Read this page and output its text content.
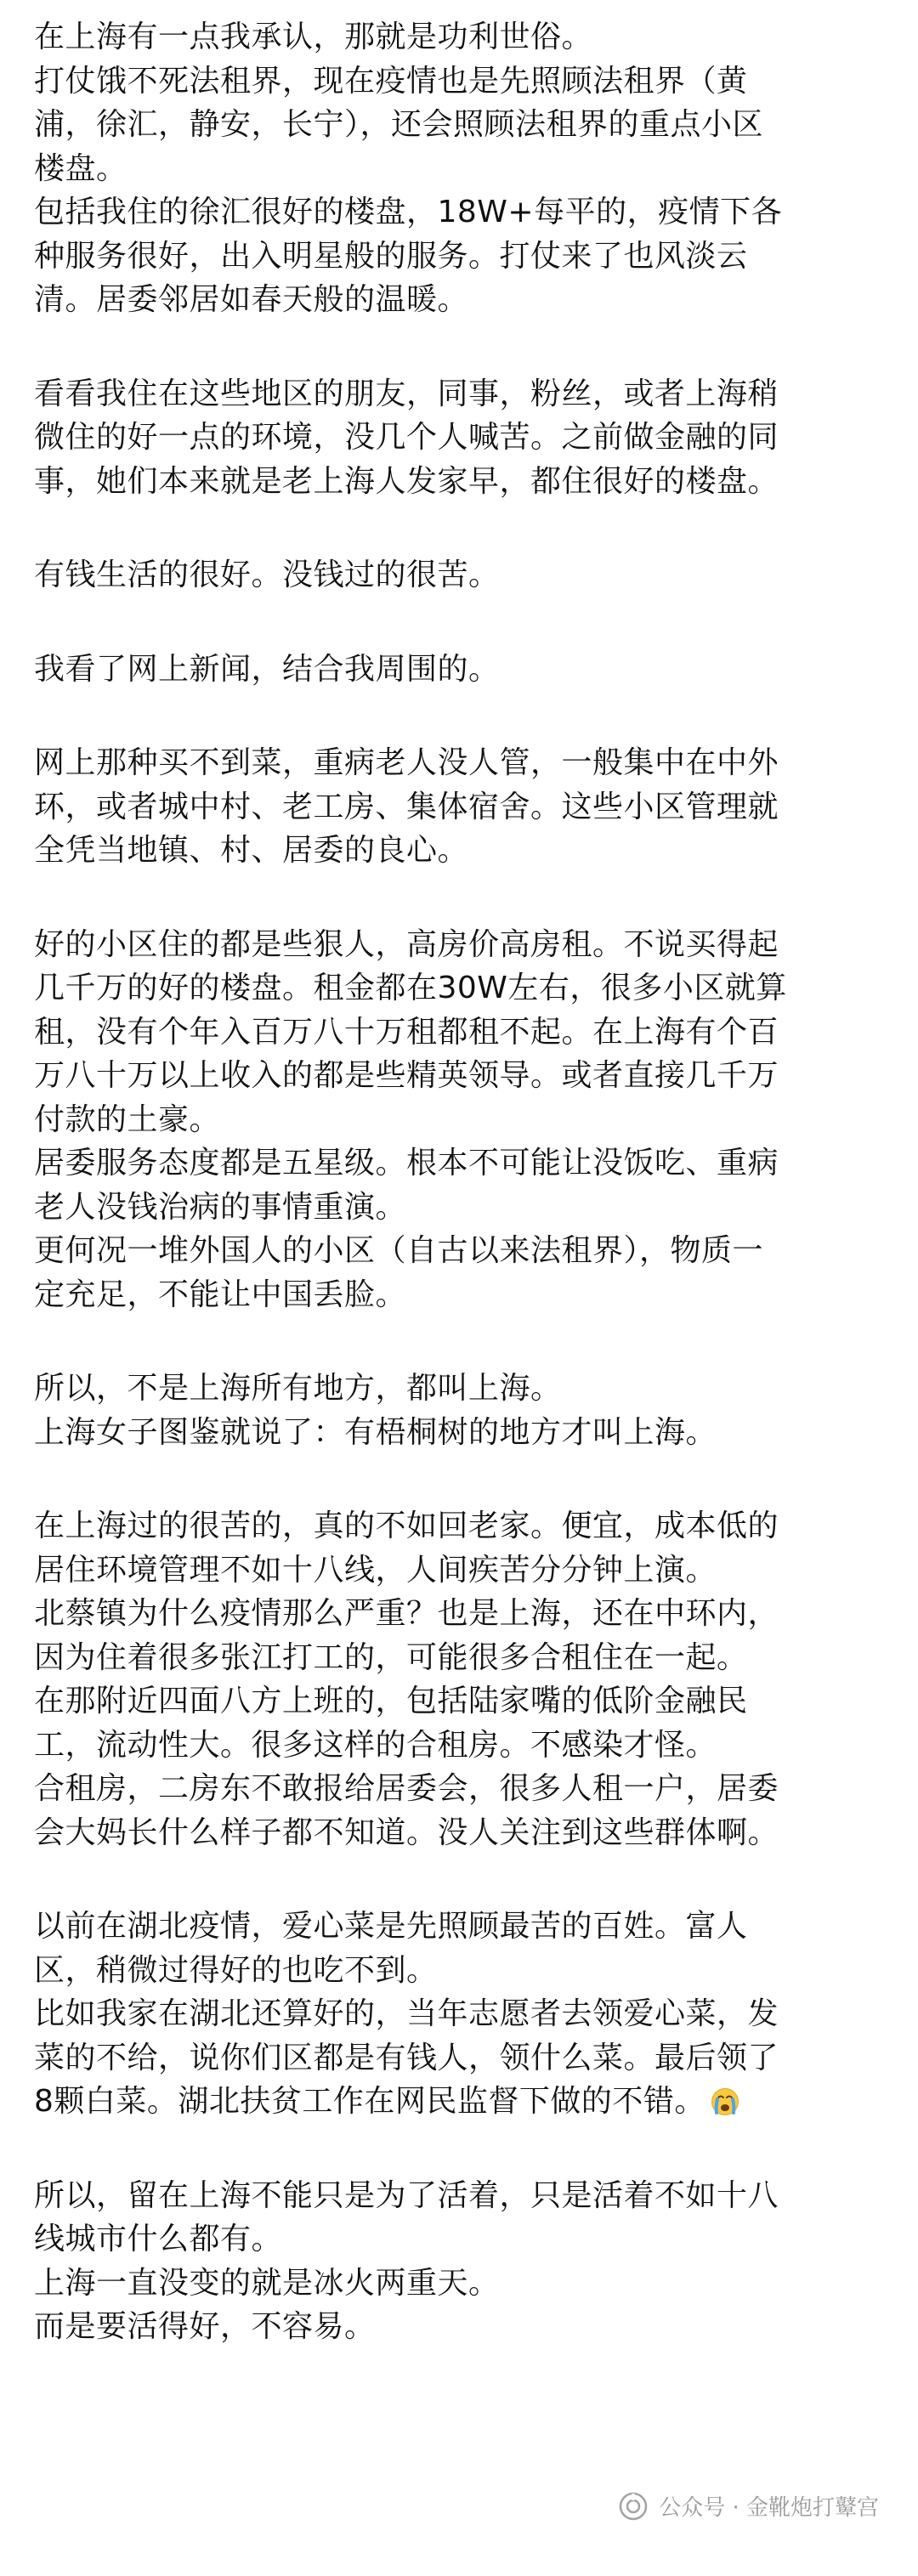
在上海有一点我承认，那就是功利世俗。
打仗饿不死法租界，现在疫情也是先照顾法租界（黄
浦，徐汇，静安，长宁），还会照顾法租界的重点小区
楼盘。
包括我住的徐汇很好的楼盘，18W+每平的，疫情下各
种服务很好，出入明星般的服务。打仗来了也风淡云
清。居委邻居如春天般的温暖。
看看我住在这些地区的朋友，同事，粉丝，或者上海稍
微住的好一点的环境，没几个人喊苦。之前做金融的同
事，她们本来就是老上海人发家早，都住很好的楼盘。
有钱生活的很好。没钱过的很苦。
我看了网上新闻，结合我周围的。
网上那种买不到菜，重病老人没人管，一般集中在中外
环，或者城中村、老工房、集体宿舍。这些小区管理就
全凭当地镇、村、居委的良心。
好的小区住的都是些狠人，高房价高房租。不说买得起
几千万的好的楼盘。租金都在30W左右，很多小区就算
租，没有个年入百万八十万租都租不起。在上海有个百
万八十万以上收入的都是些精英领导。或者直接几千万
付款的土豪。
居委服务态度都是五星级。根本不可能让没饭吃、重病
老人没钱治病的事情重演。
更何况一堆外国人的小区（自古以来法租界），物质一
定充足，不能让中国丢脸。
所以，不是上海所有地方，都叫上海。
上海女子图鉴就说了：有梧桐树的地方才叫上海。
在上海过的很苦的，真的不如回老家。便宜，成本低的
居住环境管理不如十八线，人间疾苦分分钟上演。
北蔡镇为什么疫情那么严重？也是上海，还在中环内，
因为住着很多张江打工的，可能很多合租住在一起。
在那附近四面八方上班的，包括陆家嘴的低阶金融民
工，流动性大。很多这样的合租房。不感染才怪。
合租房，二房东不敢报给居委会，很多人租一户，居委
会大妈长什么样子都不知道。没人关注到这些群体啊。
以前在湖北疫情，爱心菜是先照顾最苦的百姓。富人
区，稍微过得好的也吃不到。
比如我家在湖北还算好的，当年志愿者去领爱心菜，发
菜的不给，说你们区都是有钱人，领什么菜。最后领了
8颗白菜。湖北扶贫工作在网民监督下做的不错。
所以，留在上海不能只是为了活着，只是活着不如十八
线城市什么都有。
上海一直没变的就是冰火两重天。
而是要活得好，不容易。
公众号 · 金靴炮打鼙宫
